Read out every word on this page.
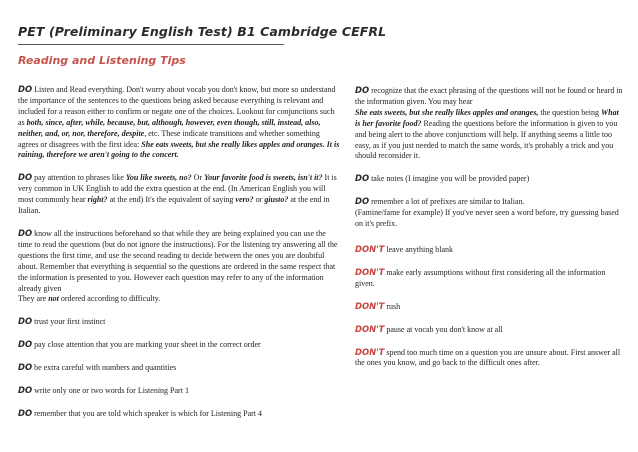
PET (Preliminary English Test) B1 Cambridge CEFRL
Reading and Listening Tips

DO Listen and Read everything. Don't worry about vocab you don't know, but more so understand the importance of the sentences to the questions being asked because everything is relevant and included for a reason either to confirm or negate one of the choices. Lookout for conjunctions such as both, since, after, while, because, but, although, however, even though, still, instead, also, neither, and, or, nor, therefore, despite, etc. These indicate transitions and whether something agrees or disagrees with the first idea: She eats sweets, but she really likes apples and oranges. It is raining, therefore we aren't going to the concert.

DO pay attention to phrases like You like sweets, no? Or Your favorite food is sweets, isn't it? It is very common in UK English to add the extra question at the end. (In American English you will most commonly hear right? at the end) It's the equivalent of saying vero? or giusto? at the end in Italian.

DO know all the instructions beforehand so that while they are being explained you can use the time to read the questions (but do not ignore the instructions). For the listening try answering all the questions the first time, and use the second reading to decide between the ones you are doubtful about. Remember that everything is sequential so the questions are ordered in the same respect that the information is presented to you. However each question may refer to any of the information already given
They are not ordered according to difficulty.

DO trust your first instinct

DO pay close attention that you are marking your sheet in the correct order

DO be extra careful with numbers and quantities

DO write only one or two words for Listening Part 1

DO remember that you are told which speaker is which for Listening Part 4

DO recognize that the exact phrasing of the questions will not be found or heard in the information given. You may hear
She eats sweets, but she really likes apples and oranges, the question being What is her favorite food? Reading the questions before the information is given to you and being alert to the above conjunctions will help. If anything seems a little too easy, as if you just needed to match the same words, it's probably a trick and you should reconsider it.

DO take notes (I imagine you will be provided paper)

DO remember a lot of prefixes are similar to Italian.
(Famine/fame for example) If you've never seen a word before, try guessing based on it's prefix.

DON'T leave anything blank

DON'T make early assumptions without first considering all the information given.

DON'T rush

DON'T pause at vocab you don't know at all

DON'T spend too much time on a question you are unsure about. First answer all the ones you know, and go back to the difficult ones after.
